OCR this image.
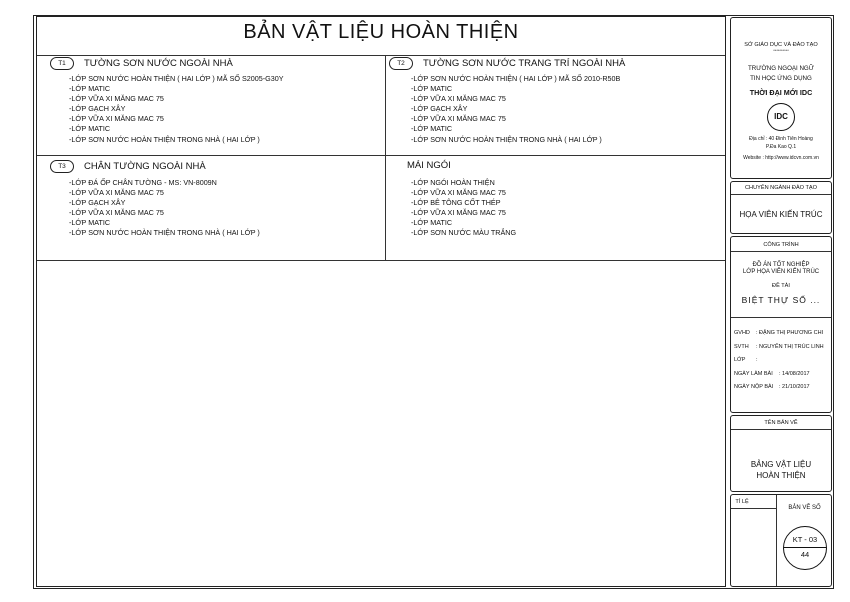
BẢN VẬT LIỆU HOÀN THIỆN
T1	TƯỜNG SƠN NƯỚC NGOÀI NHÀ
-LỚP SƠN NƯỚC HOÀN THIỆN ( HAI LỚP ) MÃ SỐ S2005-G30Y
-LỚP MATIC
-LỚP VỮA XI MĂNG MAC 75
-LỚP GẠCH XÂY
-LỚP VỮA XI MĂNG MAC 75
-LỚP MATIC
-LỚP SƠN NƯỚC HOÀN THIỆN TRONG NHÀ ( HAI LỚP )
T2	TƯỜNG SƠN NƯỚC TRANG TRÍ NGOÀI NHÀ
-LỚP SƠN NƯỚC HOÀN THIỆN ( HAI LỚP ) MÃ SỐ 2010-R50B
-LỚP MATIC
-LỚP VỮA XI MĂNG MAC 75
-LỚP GẠCH XÂY
-LỚP VỮA XI MĂNG MAC 75
-LỚP MATIC
-LỚP SƠN NƯỚC HOÀN THIỆN TRONG NHÀ ( HAI LỚP )
T3	CHÂN TƯỜNG NGOÀI NHÀ
-LỚP ĐÁ ỐP CHÂN TƯỜNG - MS: VN-8009N
-LỚP VỮA XI MĂNG MAC 75
-LỚP GẠCH XÂY
-LỚP VỮA XI MĂNG MAC 75
-LỚP MATIC
-LỚP SƠN NƯỚC HOÀN THIỆN TRONG NHÀ ( HAI LỚP )
MÁI NGÓI
-LỚP NGÓI HOÀN THIỆN
-LỚP VỮA XI MĂNG MAC 75
-LỚP BÊ TÔNG CỐT THÉP
-LỚP VỮA XI MĂNG MAC 75
-LỚP MATIC
-LỚP SƠN NƯỚC MÀU TRẮNG
SỞ GIÁO DỤC VÀ ĐÀO TẠO
**********
TRƯỜNG NGOẠI NGỮ
TIN HỌC ỨNG DỤNG
THỜI ĐẠI MỚI IDC
IDC
Địa chỉ : 40 Đinh Tiên Hoàng
P.Đa Kao Q.1
Website : http://www.idcvn.com.vn
CHUYÊN NGÀNH ĐÀO TẠO
HỌA VIÊN KIẾN TRÚC
CÔNG TRÌNH
ĐỒ ÁN TỐT NGHIỆP
LỚP HỌA VIÊN KIẾN TRÚC
ĐỀ TÀI
BIỆT THỰ SỐ ...
GVHD : ĐẶNG THỊ PHƯƠNG CHI
SVTH : NGUYỄN THỊ TRÚC LINH
LỚP :
NGÀY LÀM BÀI : 14/08/2017
NGÀY NỘP BÀI : 21/10/2017
TÊN BẢN VẼ
BẢNG VẬT LIỆU
HOÀN THIỆN
TỈ LỆ
BẢN VẼ SỐ
KT - 03
44
